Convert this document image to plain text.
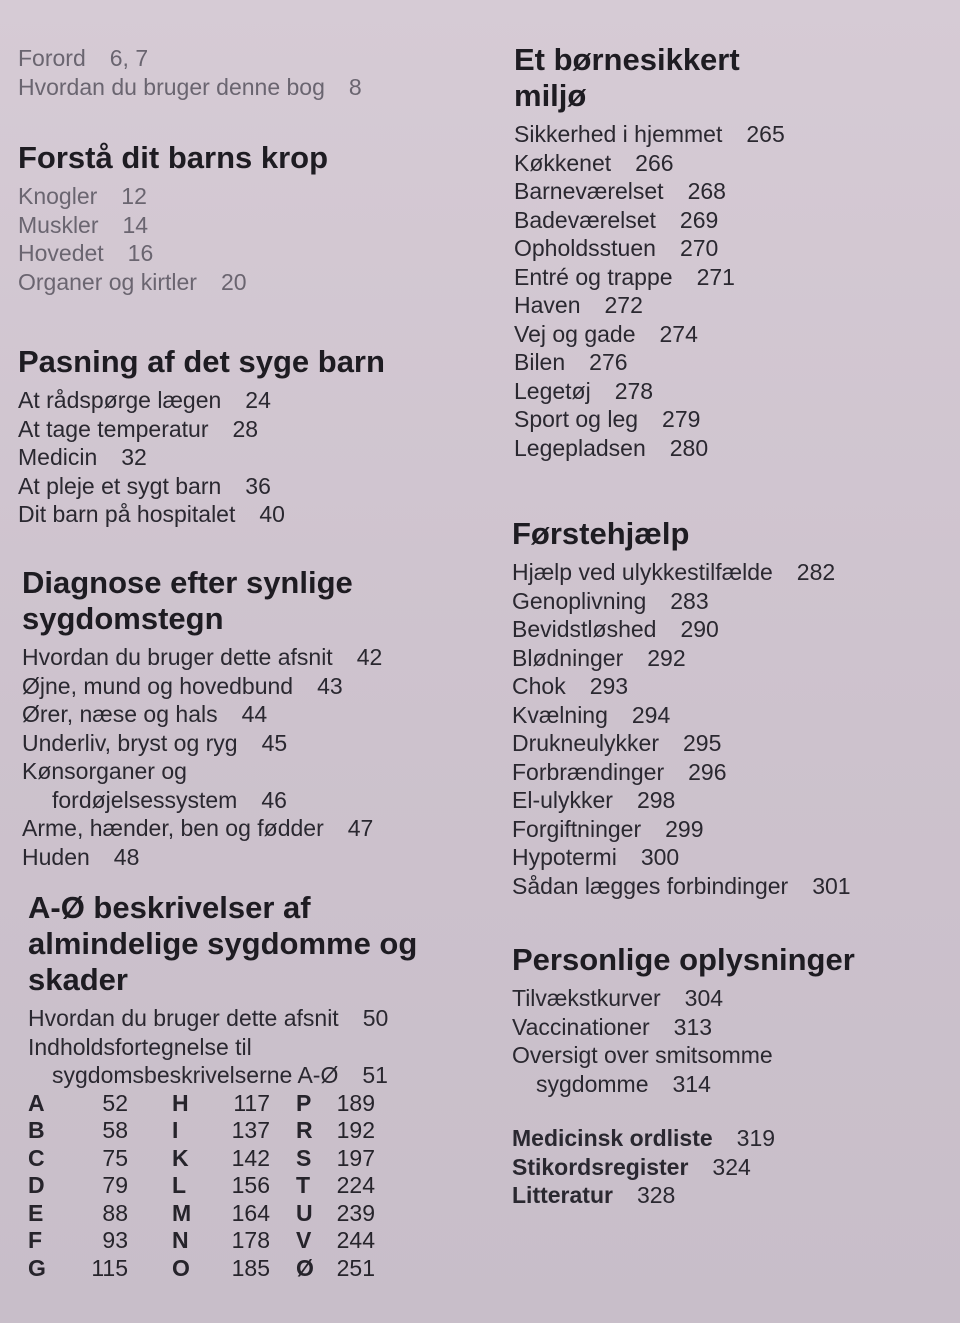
Forord 6, 7
Hvordan du bruger denne bog 8
Forstå dit barns krop
Knogler 12
Muskler 14
Hovedet 16
Organer og kirtler 20
Pasning af det syge barn
At rådspørge lægen 24
At tage temperatur 28
Medicin 32
At pleje et sygt barn 36
Dit barn på hospitalet 40
Diagnose efter synlige
sygdomstegn
Hvordan du bruger dette afsnit 42
Øjne, mund og hovedbund 43
Ører, næse og hals 44
Underliv, bryst og ryg 45
Kønsorganer og
fordøjelsessystem 46
Arme, hænder, ben og fødder 47
Huden 48
A-Ø beskrivelser af
almindelige sygdomme og
skader
Hvordan du bruger dette afsnit 50
Indholdsfortegnelse til
sygdomsbeskrivelserne A-Ø 51
A	52	H	117	P	189
B	58	I	137	R	192
C	75	K	142	S	197
D	79	L	156	T	224
E	88	M	164	U	239
F	93	N	178	V	244
G	115	O	185	Ø 251
Et børnesikkert
miljø
Sikkerhed i hjemmet 265
Køkkenet 266
Barneværelset 268
Badeværelset 269
Opholdsstuen 270
Entré og trappe 271
Haven 272
Vej og gade 274
Bilen 276
Legetøj 278
Sport og leg 279
Legepladsen 280
Førstehjælp
Hjælp ved ulykkestilfælde 282
Genoplivning 283
Bevidstløshed 290
Blødninger 292
Chok 293
Kvælning 294
Drukneulykker 295
Forbrændinger 296
El-ulykker 298
Forgiftninger 299
Hypotermi 300
Sådan lægges forbindinger 301
Personlige oplysninger
Tilvækstkurver 304
Vaccinationer 313
Oversigt over smitsomme
sygdomme 314
Medicinsk ordliste 319
Stikordsregister 324
Litteratur 328
